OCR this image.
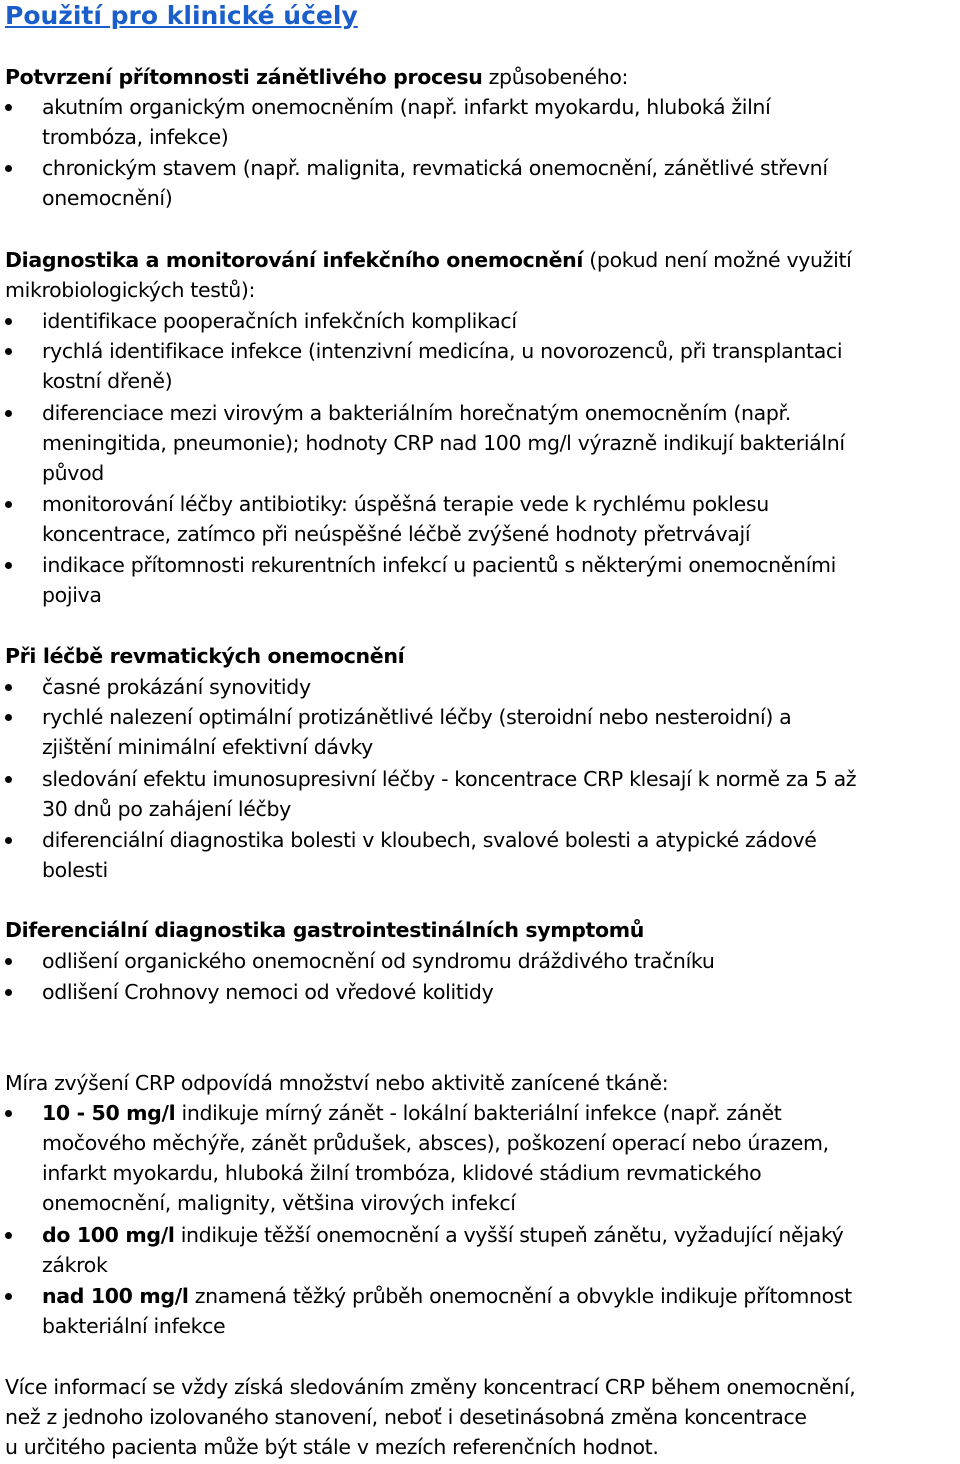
Použití pro klinické účely
Potvrzení přítomnosti zánětlivého procesu způsobeného:
akutním organickým onemocněním (např. infarkt myokardu, hluboká žilní
trombóza, infekce)
chronickým stavem (např. malignita, revmatická onemocnění, zánětlivé střevní
onemocnění)
Diagnostika a monitorování infekčního onemocnění (pokud není možné využití
mikrobiologických testů):
identifikace pooperačních infekčních komplikací
rychlá identifikace infekce (intenzivní medicína, u novorozenců, při transplantaci
kostní dřeně)
diferenciace mezi virovým a bakteriálním horečnatým onemocněním (např.
meningitida, pneumonie); hodnoty CRP nad 100 mg/l výrazně indikují bakteriální
původ
monitorování léčby antibiotiky: úspěšná terapie vede k rychlému poklesu
koncentrace, zatímco při neúspěšné léčbě zvýšené hodnoty přetrvávají
indikace přítomnosti rekurentních infekcí u pacientů s některými onemocněními
pojiva
Při léčbě revmatických onemocnění
časné prokázání synovitidy
rychlé nalezení optimální protizánětlivé léčby (steroidní nebo nesteroidní) a
zjištění minimální efektivní dávky
sledování efektu imunosupresivní léčby - koncentrace CRP klesají k normě za 5 až
30 dnů po zahájení léčby
diferenciální diagnostika bolesti v kloubech, svalové bolesti a atypické zádové
bolesti
Diferenciální diagnostika gastrointestinálních symptomů
odlišení organického onemocnění od syndromu dráždivého tračníku
odlišení Crohnovy nemoci od vředové kolitidy
Míra zvýšení CRP odpovídá množství nebo aktivitě zanícené tkáně:
10 - 50 mg/l indikuje mírný zánět - lokální bakteriální infekce (např. zánět
močového měchýře, zánět průdušek, absces), poškození operací nebo úrazem,
infarkt myokardu, hluboká žilní trombóza, klidové stádium revmatického
onemocnění, malignity, většina virových infekcí
do 100 mg/l indikuje těžší onemocnění a vyšší stupeň zánětu, vyžadující nějaký
zákrok
nad 100 mg/l znamená těžký průběh onemocnění a obvykle indikuje přítomnost
bakteriální infekce
Více informací se vždy získá sledováním změny koncentrací CRP během onemocnění,
než z jednoho izolovaného stanovení, neboť i desetinásobná změna koncentrace
u určitého pacienta může být stále v mezích referenčních hodnot.
